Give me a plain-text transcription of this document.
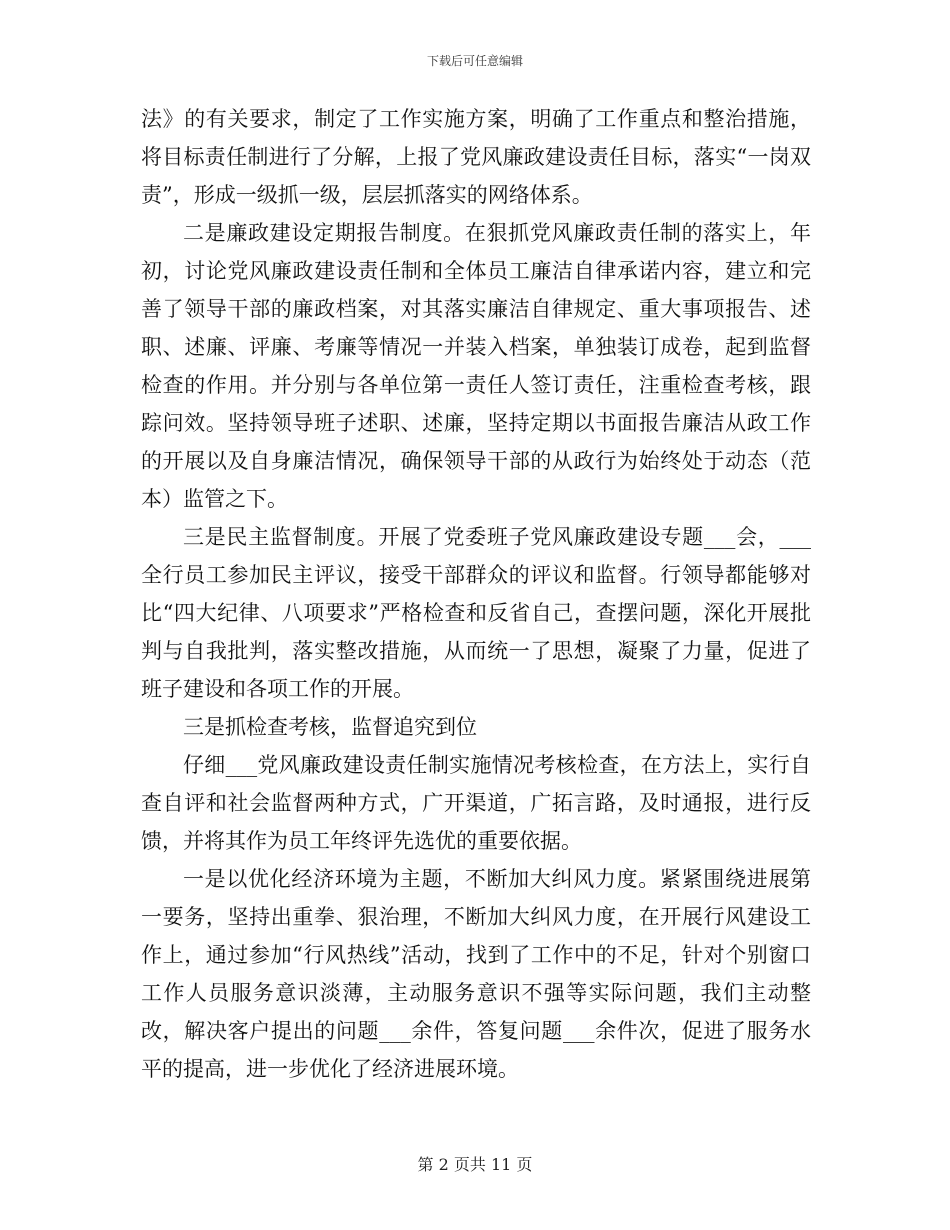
下载后可任意编辑

法》的有关要求，制定了工作实施方案，明确了工作重点和整治措施，将目标责任制进行了分解，上报了党风廉政建设责任目标，落实“一岗双责”，形成一级抓一级，层层抓落实的网络体系。

二是廉政建设定期报告制度。在狠抓党风廉政责任制的落实上，年初，讨论党风廉政建设责任制和全体员工廉洁自律承诺内容，建立和完善了领导干部的廉政档案，对其落实廉洁自律规定、重大事项报告、述职、述廉、评廉、考廉等情况一并装入档案，单独装订成卷，起到监督检查的作用。并分别与各单位第一责任人签订责任，注重检查考核，跟踪问效。坚持领导班子述职、述廉，坚持定期以书面报告廉洁从政工作的开展以及自身廉洁情况，确保领导干部的从政行为始终处于动态（范本）监管之下。

三是民主监督制度。开展了党委班子党风廉政建设专题___会，___全行员工参加民主评议，接受干部群众的评议和监督。行领导都能够对比“四大纪律、八项要求”严格检查和反省自己，查摆问题，深化开展批判与自我批判，落实整改措施，从而统一了思想，凝聚了力量，促进了班子建设和各项工作的开展。

三是抓检查考核，监督追究到位

仔细___党风廉政建设责任制实施情况考核检查，在方法上，实行自查自评和社会监督两种方式，广开渠道，广拓言路，及时通报，进行反馈，并将其作为员工年终评先选优的重要依据。

一是以优化经济环境为主题，不断加大纠风力度。紧紧围绕进展第一要务，坚持出重拳、狠治理，不断加大纠风力度，在开展行风建设工作上，通过参加“行风热线”活动，找到了工作中的不足，针对个别窗口工作人员服务意识淡薄，主动服务意识不强等实际问题，我们主动整改，解决客户提出的问题___余件，答复问题___余件次，促进了服务水平的提高，进一步优化了经济进展环境。

第 2 页共 11 页
